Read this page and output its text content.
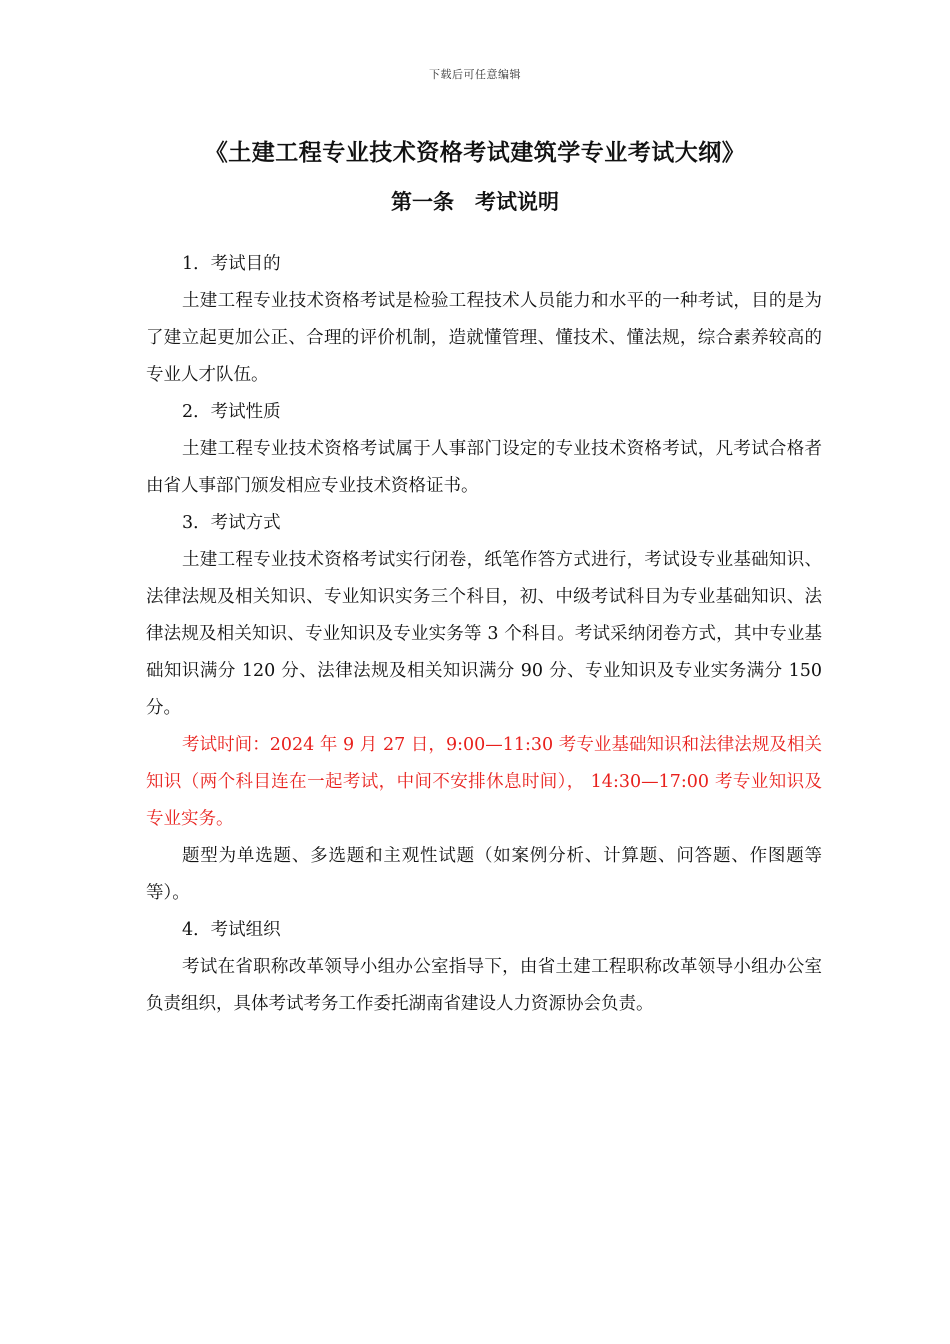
下载后可任意编辑
《土建工程专业技术资格考试建筑学专业考试大纲》
第一条　考试说明

1．考试目的

土建工程专业技术资格考试是检验工程技术人员能力和水平的一种考试，目的是为了建立起更加公正、合理的评价机制，造就懂管理、懂技术、懂法规，综合素养较高的专业人才队伍。

2．考试性质

土建工程专业技术资格考试属于人事部门设定的专业技术资格考试，凡考试合格者由省人事部门颁发相应专业技术资格证书。

3．考试方式

土建工程专业技术资格考试实行闭卷，纸笔作答方式进行，考试设专业基础知识、法律法规及相关知识、专业知识实务三个科目，初、中级考试科目为专业基础知识、法律法规及相关知识、专业知识及专业实务等 3 个科目。考试采纳闭卷方式，其中专业基础知识满分 120 分、法律法规及相关知识满分 90 分、专业知识及专业实务满分 150 分。

考试时间：2024 年 9 月 27 日，9:00—11:30 考专业基础知识和法律法规及相关知识（两个科目连在一起考试，中间不安排休息时间）， 14:30—17:00 考专业知识及专业实务。

题型为单选题、多选题和主观性试题（如案例分析、计算题、问答题、作图题等等）。

4．考试组织

考试在省职称改革领导小组办公室指导下，由省土建工程职称改革领导小组办公室负责组织，具体考试考务工作委托湖南省建设人力资源协会负责。
